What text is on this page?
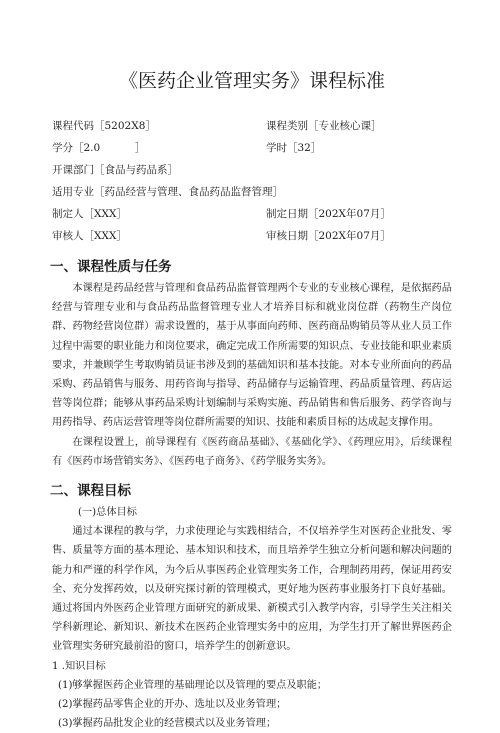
《医药企业管理实务》课程标准
课程代码［5202X8］	课程类别［专业核心课］
学分［2.0 　　　］	学时［32］
开课部门［食品与药品系］
适用专业［药品经营与管理、食品药品监督管理］
制定人［XXX］	制定日期［202X年07月］
审核人［XXX］	审核日期［202X年07月］
一、课程性质与任务

本课程是药品经营与管理和食品药品监督管理两个专业的专业核心课程，是依据药品经营与管理专业和与食品药品监督管理专业人才培养目标和就业岗位群（药物生产岗位群、药物经营岗位群）需求设置的，基于从事面向药师、医药商品购销员等从业人员工作过程中需要的职业能力和岗位要求，确定完成工作所需要的知识点、专业技能和职业素质要求，并兼顾学生考取购销员证书涉及到的基础知识和基本技能。对本专业所面向的药品采购、药品销售与服务、用药咨询与指导、药品储存与运输管理、药品质量管理、药店运营等岗位群；能够从事药品采购计划编制与采购实施、药品销售和售后服务、药学咨询与用药指导、药店运营管理等岗位群所需要的知识、技能和素质目标的达成起支撑作用。

在课程设置上，前导课程有《医药商品基础》、《基础化学》、《药理应用》，后续课程有《医药市场营销实务》、《医药电子商务》、《药学服务实务》。

二、课程目标

(一)总体目标

通过本课程的教与学，力求使理论与实践相结合，不仅培养学生对医药企业批发、零售、质量等方面的基本理论、基本知识和技术，而且培养学生独立分析问题和解决问题的能力和严谨的科学作风，为今后从事医药企业管理实务工作，合理制药用药，保证用药安全、充分发挥药效，以及研究探讨新的管理模式，更好地为医药事业服务打下良好基础。通过将国内外医药企业管理方面研究的新成果、新模式引入教学内容，引导学生关注相关学科新理论、新知识、新技术在医药企业管理实务中的应用，为学生打开了解世界医药企业管理实务研究最前沿的窗口，培养学生的创新意识。

1 .知识目标

(1)够掌握医药企业管理的基础理论以及管理的要点及职能；

(2)掌握药品零售企业的开办、选址以及业务管理；

(3)掌握药品批发企业的经营模式以及业务管理；
